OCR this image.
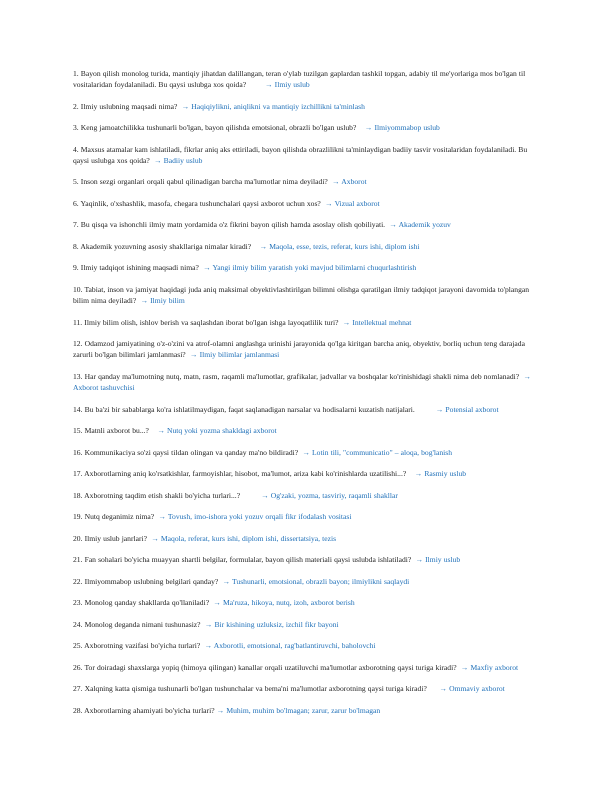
1. Bayon qilish monolog turida, mantiqiy jihatdan dalillangan, teran o'ylab tuzilgan gaplardan tashkil topgan, adabiy til me'yorlariga mos bo'lgan til vositalaridan foydalaniladi. Bu qaysi uslubga xos qoida? → Ilmiy uslub

2. Ilmiy uslubning maqsadi nima? → Haqiqiylikni, aniqlikni va mantiqiy izchillikni ta'minlash

3. Keng jamoatchilikka tushunarli bo'lgan, bayon qilishda emotsional, obrazli bo'lgan uslub? → Ilmiyommabop uslub

4. Maxsus atamalar kam ishlatiladi, fikrlar aniq aks ettiriladi, bayon qilishda obrazlilikni ta'minlaydigan badiiy tasvir vositalaridan foydalaniladi. Bu qaysi uslubga xos qoida? → Badiiy uslub

5. Inson sezgi organlari orqali qabul qilinadigan barcha ma'lumotlar nima deyiladi? → Axborot

6. Yaqinlik, o'xshashlik, masofa, chegara tushunchalari qaysi axborot uchun xos? → Vizual axborot

7. Bu qisqa va ishonchli ilmiy matn yordamida o'z fikrini bayon qilish hamda asoslay olish qobiliyati. → Akademik yozuv

8. Akademik yozuvning asosiy shakllariga nimalar kiradi? → Maqola, esse, tezis, referat, kurs ishi, diplom ishi

9. Ilmiy tadqiqot ishining maqsadi nima? → Yangi ilmiy bilim yaratish yoki mavjud bilimlarni chuqurlashtirish

10. Tabiat, inson va jamiyat haqidagi juda aniq maksimal obyektivlashtirilgan bilimni olishga qaratilgan ilmiy tadqiqot jarayoni davomida to'plangan bilim nima deyiladi? → Ilmiy bilim

11. Ilmiy bilim olish, ishlov berish va saqlashdan iborat bo'lgan ishga layoqatlilik turi? → Intellektual mehnat

12. Odamzod jamiyatining o'z-o'zini va atrof-olamni anglashga urinishi jarayonida qo'lga kiritgan barcha aniq, obyektiv, borliq uchun teng darajada zarurli bo'lgan bilimlari jamlanmasi? → Ilmiy bilimlar jamlanmasi

13. Har qanday ma'lumotning nutq, matn, rasm, raqamli ma'lumotlar, grafikalar, jadvallar va boshqalar ko'rinishidagi shakli nima deb nomlanadi? → Axborot tashuvchisi

14. Bu ba'zi bir sabablarga ko'ra ishlatilmaydigan, faqat saqlanadigan narsalar va hodisalarni kuzatish natijalari.	→ Potensial axborot

15. Matnli axborot bu...? → Nutq yoki yozma shakldagi axborot

16. Kommunikaciya so'zi qaysi tildan olingan va qanday ma'no bildiradi? → Lotin tili, "communicatio" – aloqa, bog'lanish

17. Axborotlarning aniq ko'rsatkishlar, farmoyishlar, hisobot, ma'lumot, ariza kabi ko'rinishlarda uzatilishi...? → Rasmiy uslub

18. Axborotning taqdim etish shakli bo'yicha turlari...?	→ Og'zaki, yozma, tasviriy, raqamli shakllar

19. Nutq deganimiz nima? → Tovush, imo-ishora yoki yozuv orqali fikr ifodalash vositasi

20. Ilmiy uslub janrlari? → Maqola, referat, kurs ishi, diplom ishi, dissertatsiya, tezis

21. Fan sohalari bo'yicha muayyan shartli belgilar, formulalar, bayon qilish materiali qaysi uslubda ishlatiladi? → Ilmiy uslub

22. Ilmiyommabop uslubning belgilari qanday? → Tushunarli, emotsional, obrazli bayon; ilmiylikni saqlaydi

23. Monolog qanday shakllarda qo'llaniladi? → Ma'ruza, hikoya, nutq, izoh, axborot berish

24. Monolog deganda nimani tushunasiz? → Bir kishining uzluksiz, izchil fikr bayoni

25. Axborotning vazifasi bo'yicha turlari? → Axborotli, emotsional, rag'batlantiruvchi, baholovchi

26. Tor doiradagi shaxslarga yopiq (himoya qilingan) kanallar orqali uzatiluvchi ma'lumotlar axborotning qaysi turiga kiradi? → Maxfiy axborot

27. Xalqning katta qismiga tushunarli bo'lgan tushunchalar va bema'ni ma'lumotlar axborotning qaysi turiga kiradi? → Ommaviy axborot

28. Axborotlarning ahamiyati bo'yicha turlari? → Muhim, muhim bo'lmagan; zarur, zarur bo'lmagan
